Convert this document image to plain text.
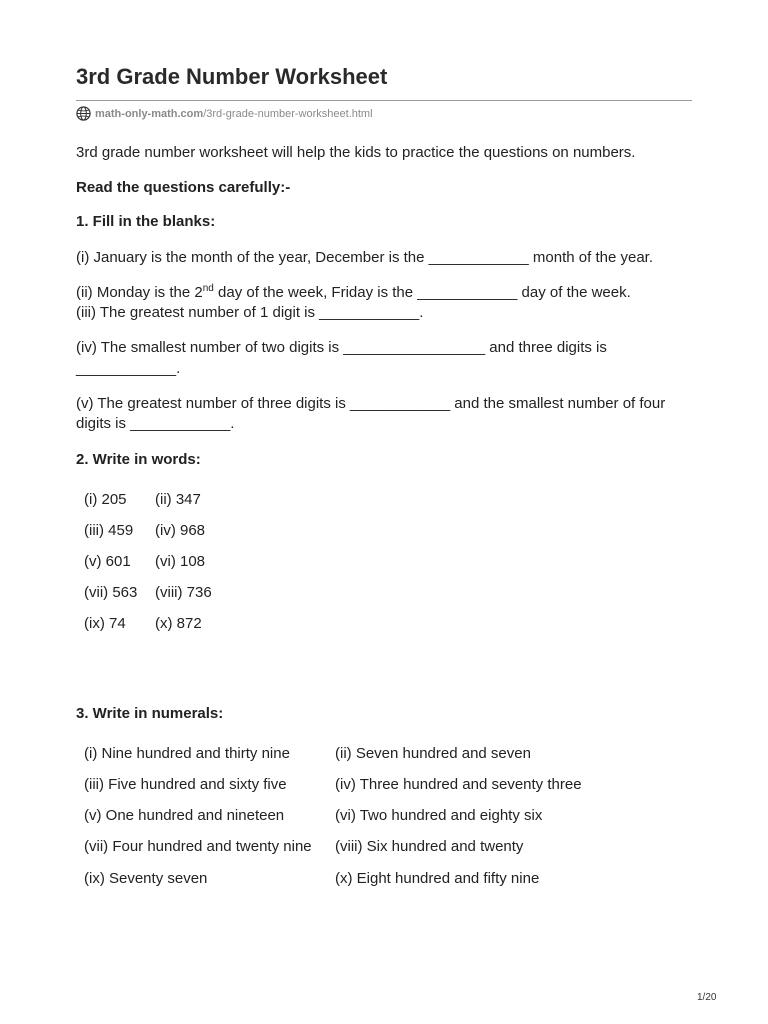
3rd Grade Number Worksheet
math-only-math.com /3rd-grade-number-worksheet.html

3rd grade number worksheet will help the kids to practice the questions on numbers.

Read the questions carefully:-

1. Fill in the blanks:

(i) January is the month of the year, December is the ____________ month of the year.

(ii) Monday is the 2nd day of the week, Friday is the ____________ day of the week.

(iii) The greatest number of 1 digit is ____________.

(iv) The smallest number of two digits is _________________ and three digits is

____________.

(v) The greatest number of three digits is ____________ and the smallest number of four

digits is ____________.

2. Write in words:

(i) 205 (ii) 347
(iii) 459 (iv) 968
(v) 601 (vi) 108
(vii) 563 (viii) 736
(ix) 74 (x) 872

3. Write in numerals:

(i) Nine hundred and thirty nine	(ii) Seven hundred and seven
(iii) Five hundred and sixty five	(iv) Three hundred and seventy three
(v) One hundred and nineteen	(vi) Two hundred and eighty six
(vii) Four hundred and twenty nine (viii) Six hundred and twenty
(ix) Seventy seven	(x) Eight hundred and fifty nine
1/20
